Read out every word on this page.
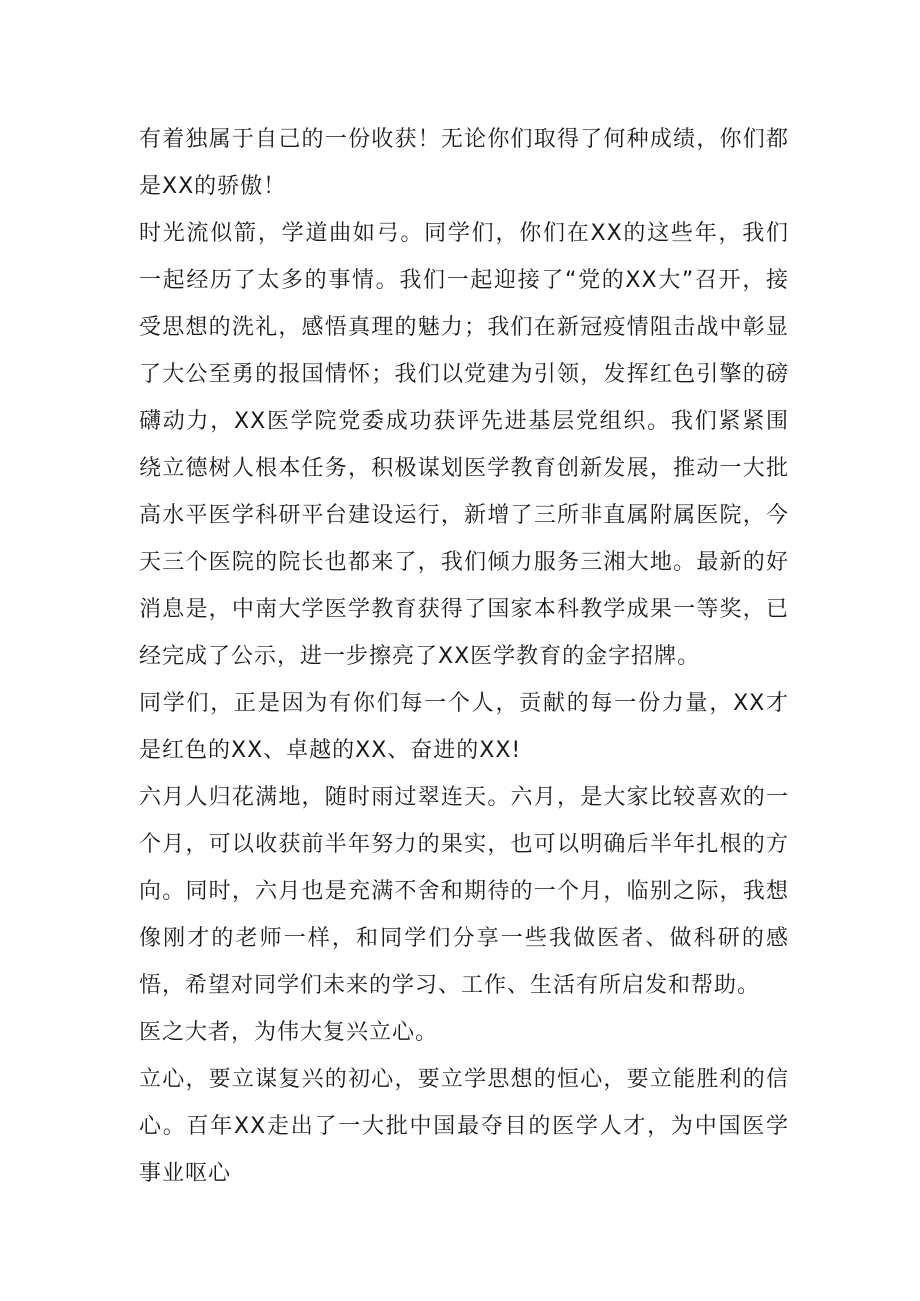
有着独属于自己的一份收获！无论你们取得了何种成绩，你们都是XX的骄傲！

时光流似箭，学道曲如弓。同学们，你们在XX的这些年，我们一起经历了太多的事情。我们一起迎接了“党的XX大”召开，接受思想的洗礼，感悟真理的魅力；我们在新冠疫情阻击战中彰显了大公至勇的报国情怀；我们以党建为引领，发挥红色引擎的磅礴动力，XX医学院党委成功获评先进基层党组织。我们紧紧围绕立德树人根本任务，积极谋划医学教育创新发展，推动一大批高水平医学科研平台建设运行，新增了三所非直属附属医院，今天三个医院的院长也都来了，我们倾力服务三湘大地。最新的好消息是，中南大学医学教育获得了国家本科教学成果一等奖，已经完成了公示，进一步擦亮了XX医学教育的金字招牌。

同学们，正是因为有你们每一个人，贡献的每一份力量，XX才是红色的XX、卓越的XX、奋进的XX!

六月人归花满地，随时雨过翠连天。六月，是大家比较喜欢的一个月，可以收获前半年努力的果实，也可以明确后半年扎根的方向。同时，六月也是充满不舍和期待的一个月，临别之际，我想像刚才的老师一样，和同学们分享一些我做医者、做科研的感悟，希望对同学们未来的学习、工作、生活有所启发和帮助。

医之大者，为伟大复兴立心。

立心，要立谋复兴的初心，要立学思想的恒心，要立能胜利的信心。百年XX走出了一大批中国最夺目的医学人才，为中国医学事业呕心
